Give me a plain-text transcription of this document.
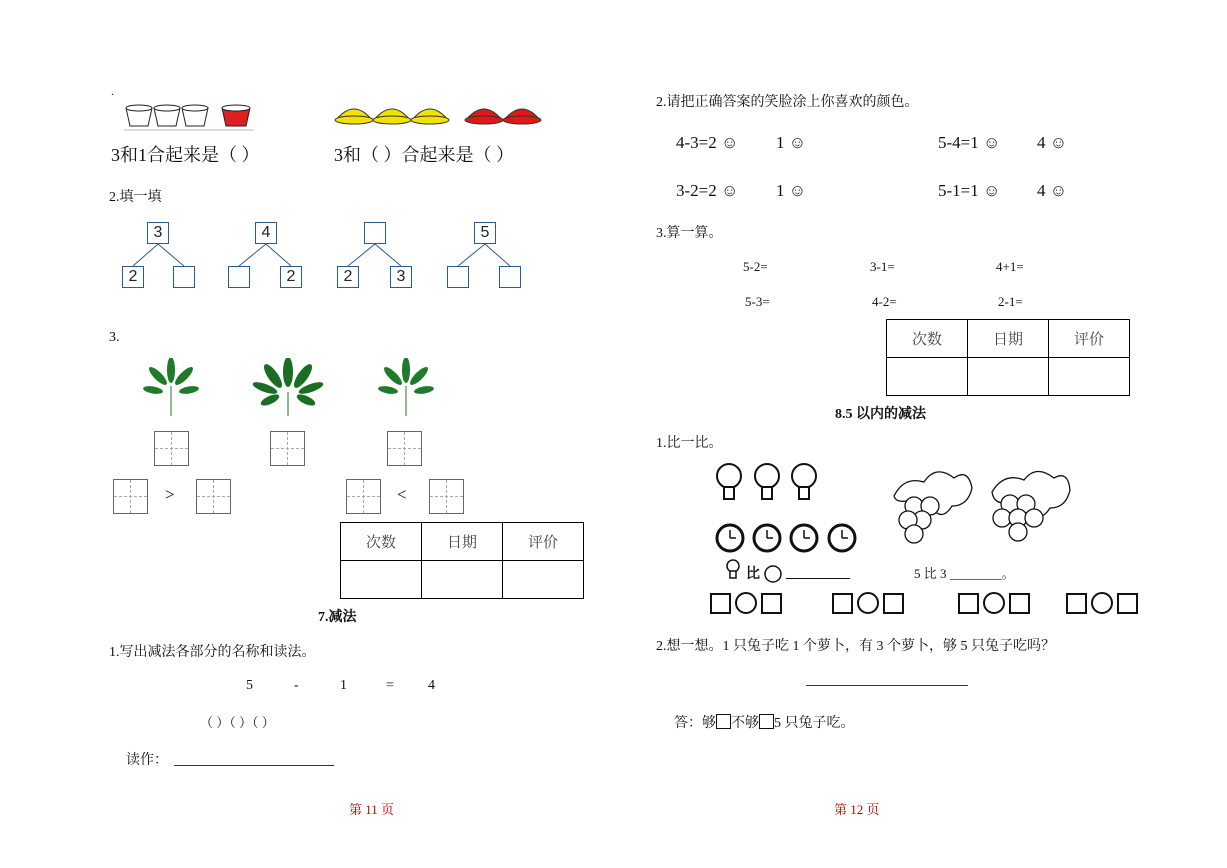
.
3和1合起来是（ ）	3和（ ）合起来是（ ）
2.填一填
3
2
4
2	2	3
5
3.
>	<
次数	日期	评价

7.减法
1.写出减法各部分的名称和读法。
5	-	1	= 4
（ ）（ ）（ ）
读作：
第 11 页
2.请把正确答案的笑脸涂上你喜欢的颜色。
4-3=2 ☺ 1 ☺	5-4=1 ☺ 4 ☺
3-2=2 ☺ 1 ☺	5-1=1 ☺ 4 ☺
3.算一算。
5-2=	3-1=	4+1=
5-3=	4-2=	2-1=
次数	日期	评价

8.5 以内的减法
1.比一比。
比	5 比 3 ________。

2.想一想。1 只兔子吃 1 个萝卜，有 3 个萝卜，够 5 只兔子吃吗？
答：够 不够 5 只兔子吃。
第 12 页
